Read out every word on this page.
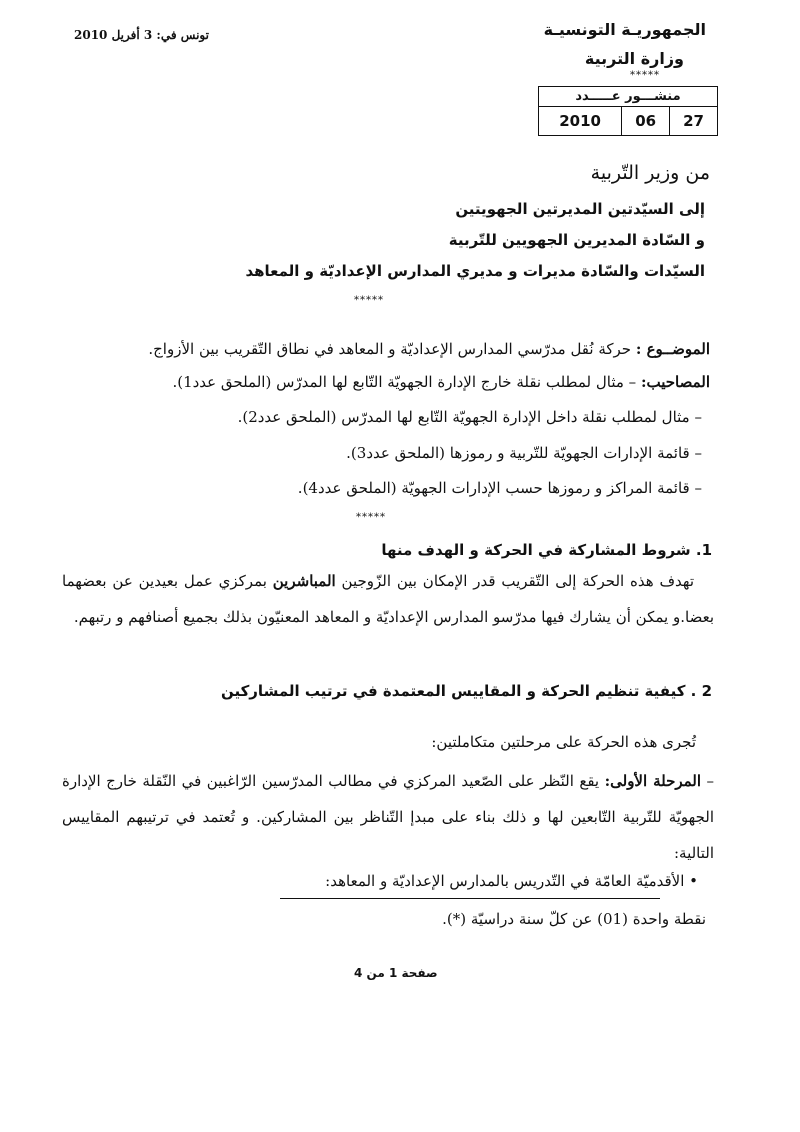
الجمهوريـة التونسيـة
وزارة التربية
*****
تونس في: 3 أفريل 2010
منشـــور عـــــدد
2010	06	27
من وزير التّربية
إلى السيّدتين المديرتين الجهويتين
و السّادة المديرين الجهويين للتّربية
السيّدات والسّادة مديرات و مديري المدارس الإعداديّة و المعاهد
*****
الموضــوع : حركة نُقل مدرّسي المدارس الإعداديّة و المعاهد في نطاق التّقريب بين الأزواج.
المصاحيب: – مثال لمطلب نقلة خارج الإدارة الجهويّة التّابع لها المدرّس (الملحق عدد1).
– مثال لمطلب نقلة داخل الإدارة الجهويّة التّابع لها المدرّس (الملحق عدد2).
– قائمة الإدارات الجهويّة للتّربية و رموزها (الملحق عدد3).
– قائمة المراكز و رموزها حسب الإدارات الجهويّة (الملحق عدد4).
*****
1. شروط المشاركة في الحركة و الهدف منها
تهدف هذه الحركة إلى التّقريب قدر الإمكان بين الزّوجين المباشرين بمركزي عمل بعيدين عن بعضهما بعضا.و يمكن أن يشارك فيها مدرّسو المدارس الإعداديّة و المعاهد المعنيّون بذلك بجميع أصنافهم و رتبهم.
2 . كيفية تنظيم الحركة و المقاييس المعتمدة في ترتيب المشاركين
تُجرى هذه الحركة على مرحلتين متكاملتين:
– المرحلة الأولى: يقع النّظر على الصّعيد المركزي في مطالب المدرّسين الرّاغبين في النّقلة خارج الإدارة الجهويّة للتّربية التّابعين لها و ذلك بناء على مبدإ التّناظر بين المشاركين. و تُعتمد في ترتيبهم المقاييس التالية:
• الأقدميّة العامّة في التّدريس بالمدارس الإعداديّة و المعاهد:
نقطة واحدة (01) عن كلّ سنة دراسيّة (*).
صفحة 1 من 4
